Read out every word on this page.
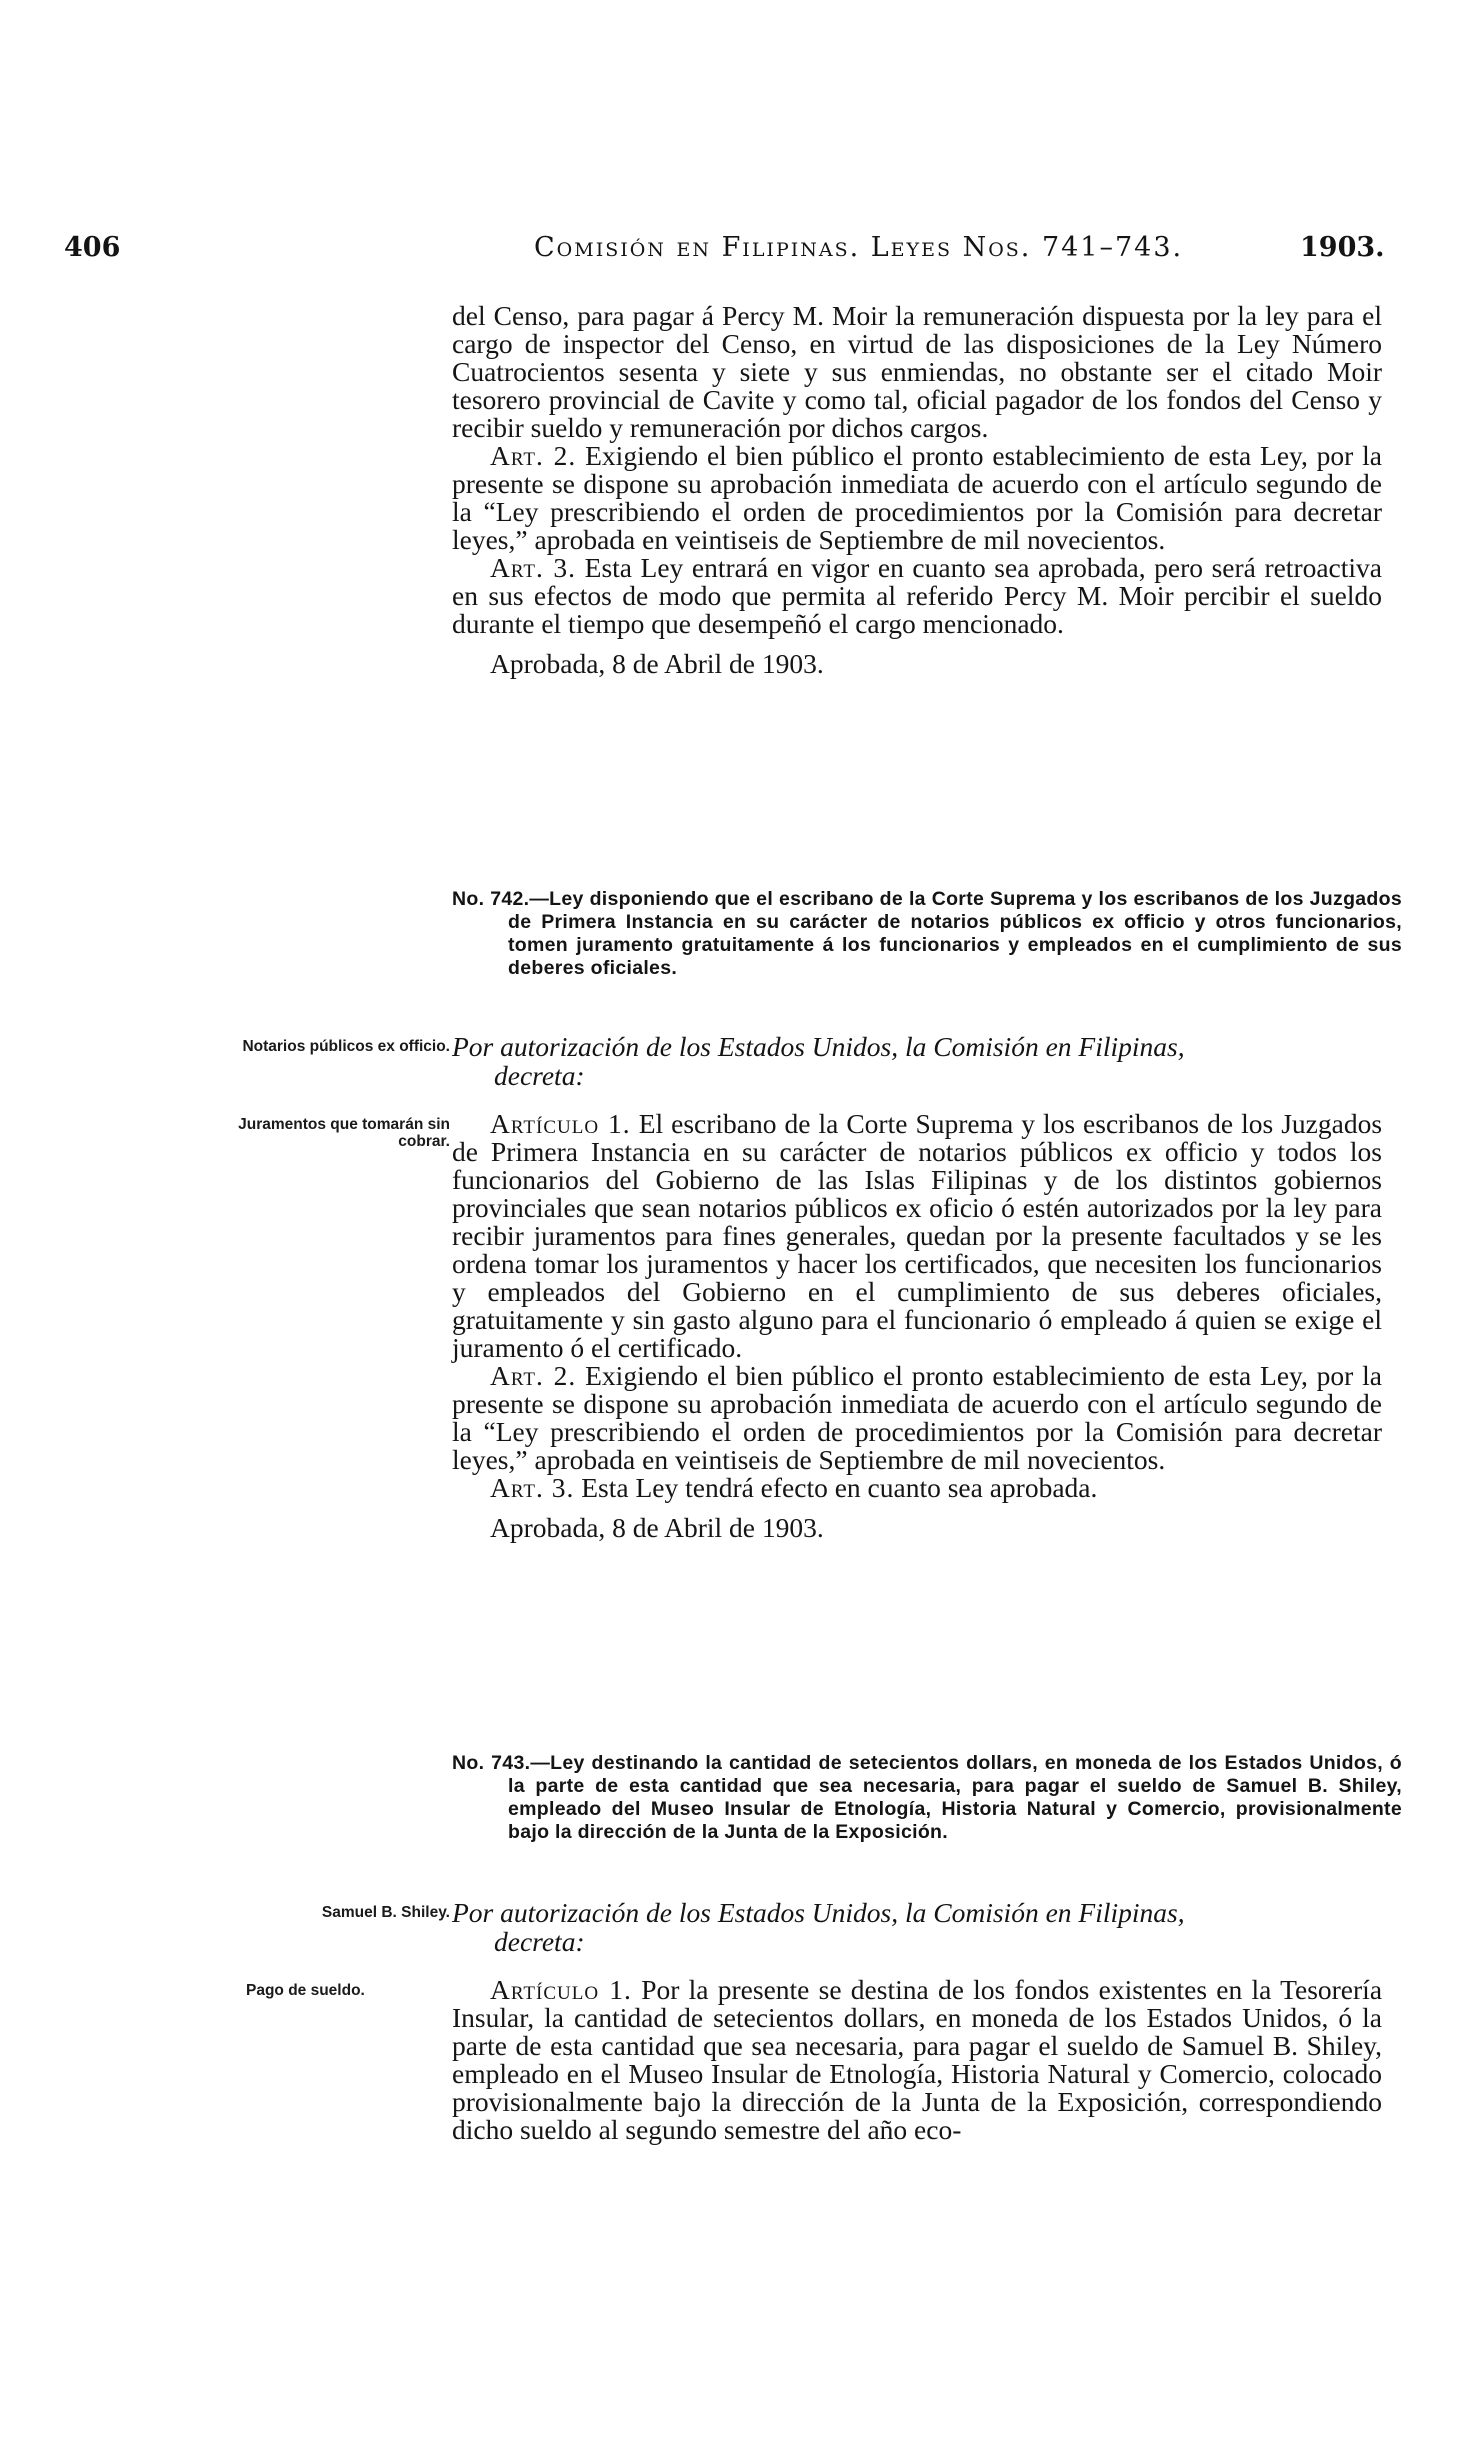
406	Comisión en Filipinas. Leyes Nos. 741–743.	1903.

del Censo, para pagar á Percy M. Moir la remuneración dispuesta por la ley para el cargo de inspector del Censo, en virtud de las disposiciones de la Ley Número Cuatrocientos sesenta y siete y sus enmiendas, no obstante ser el citado Moir tesorero provincial de Cavite y como tal, oficial pagador de los fondos del Censo y recibir sueldo y remuneración por dichos cargos.

Art. 2. Exigiendo el bien público el pronto establecimiento de esta Ley, por la presente se dispone su aprobación inmediata de acuerdo con el artículo segundo de la “Ley prescribiendo el orden de procedimientos por la Comisión para decretar leyes,” aprobada en veintiseis de Septiembre de mil novecientos.

Art. 3. Esta Ley entrará en vigor en cuanto sea aprobada, pero será retroactiva en sus efectos de modo que permita al referido Percy M. Moir percibir el sueldo durante el tiempo que desempeñó el cargo mencionado.

Aprobada, 8 de Abril de 1903.

No. 742.—Ley disponiendo que el escribano de la Corte Suprema y los escribanos de los Juzgados de Primera Instancia en su carácter de notarios públicos ex officio y otros funcionarios, tomen juramento gratuitamente á los funcionarios y empleados en el cumplimiento de sus deberes oficiales.
Notarios públicos ex officio. Por autorización de los Estados Unidos, la Comisión en Filipinas,
decreta:
Juramentos que tomarán sin cobrar.

Artículo 1. El escribano de la Corte Suprema y los escribanos de los Juzgados de Primera Instancia en su carácter de notarios públicos ex officio y todos los funcionarios del Gobierno de las Islas Filipinas y de los distintos gobiernos provinciales que sean notarios públicos ex oficio ó estén autorizados por la ley para recibir juramentos para fines generales, quedan por la presente facultados y se les ordena tomar los juramentos y hacer los certificados, que necesiten los funcionarios y empleados del Gobierno en el cumplimiento de sus deberes oficiales, gratuitamente y sin gasto alguno para el funcionario ó empleado á quien se exige el juramento ó el certificado.

Art. 2. Exigiendo el bien público el pronto establecimiento de esta Ley, por la presente se dispone su aprobación inmediata de acuerdo con el artículo segundo de la “Ley prescribiendo el orden de procedimientos por la Comisión para decretar leyes,” aprobada en veintiseis de Septiembre de mil novecientos.

Art. 3. Esta Ley tendrá efecto en cuanto sea aprobada.

Aprobada, 8 de Abril de 1903.

No. 743.—Ley destinando la cantidad de setecientos dollars, en moneda de los Estados Unidos, ó la parte de esta cantidad que sea necesaria, para pagar el sueldo de Samuel B. Shiley, empleado del Museo Insular de Etnología, Historia Natural y Comercio, provisionalmente bajo la dirección de la Junta de la Exposición.
Samuel B. Shiley. Por autorización de los Estados Unidos, la Comisión en Filipinas,
decreta:
Pago de sueldo.	Artículo 1. Por la presente se destina de los fondos existentes en la Tesorería Insular, la cantidad de setecientos dollars, en moneda de los Estados Unidos, ó la parte de esta cantidad que sea necesaria, para pagar el sueldo de Samuel B. Shiley, empleado en el Museo Insular de Etnología, Historia Natural y Comercio, colocado provisionalmente bajo la dirección de la Junta de la Exposición, correspondiendo dicho sueldo al segundo semestre del año eco-
